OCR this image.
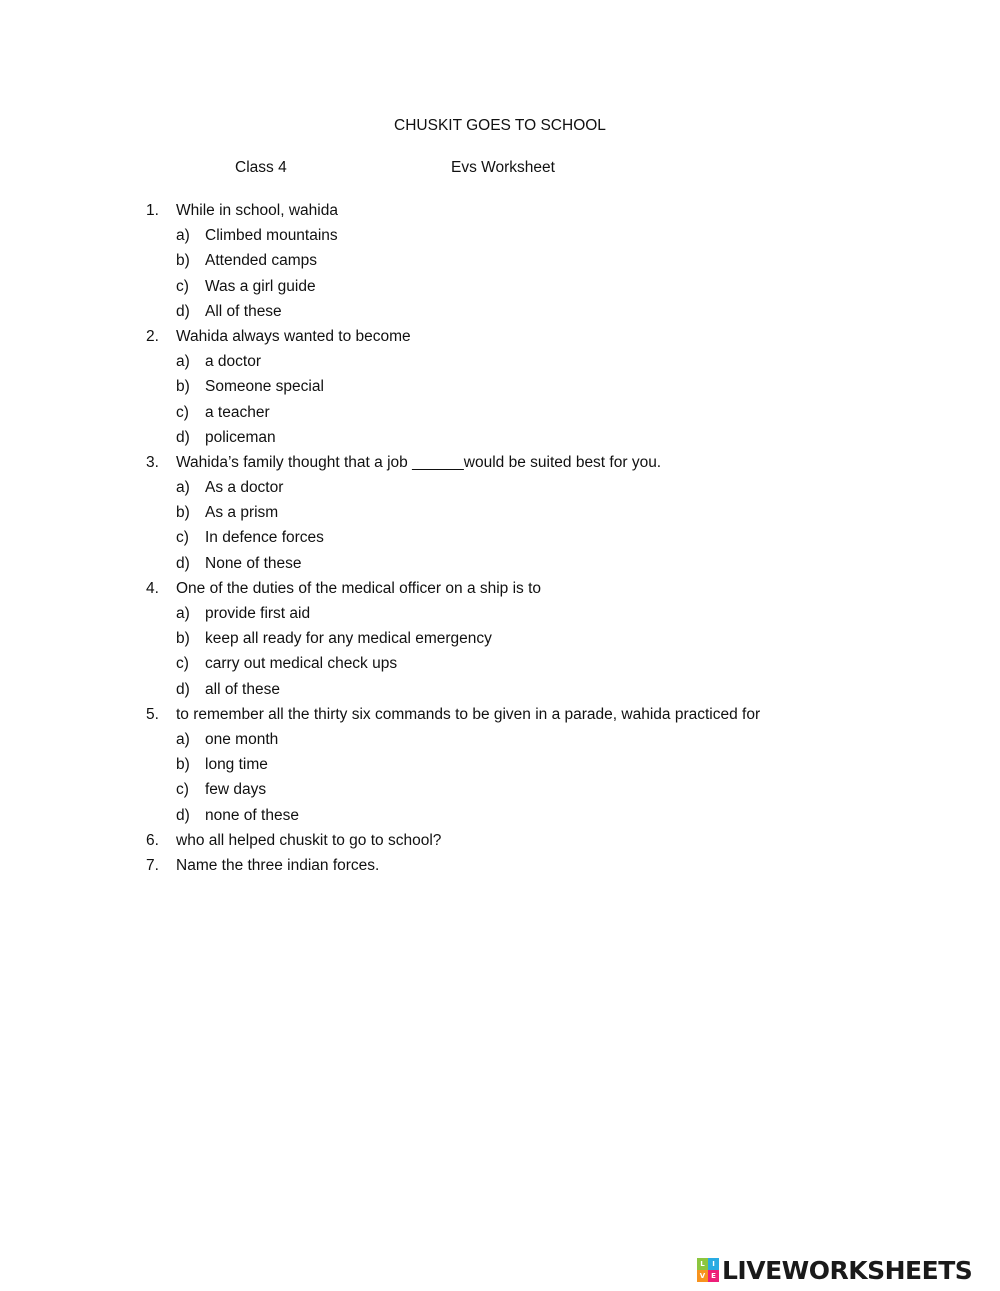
CHUSKIT GOES TO SCHOOL
Class 4	Evs Worksheet
1. While in school, wahida
a) Climbed mountains
b) Attended camps
c) Was a girl guide
d) All of these
2. Wahida always wanted to become
a) a doctor
b) Someone special
c) a teacher
d) policeman
3. Wahida’s family thought that a job ______would be suited best for you.
a) As a doctor
b) As a prism
c) In defence forces
d) None of these
4. One of the duties of the medical officer on a ship is to
a) provide first aid
b) keep all ready for any medical emergency
c) carry out medical check ups
d) all of these
5. to remember all the thirty six commands to be given in a parade, wahida practiced for
a) one month
b) long time
c) few days
d) none of these
6. who all helped chuskit to go to school?
7. Name the three indian forces.
L	I
V E LIVEWORKSHEETS
